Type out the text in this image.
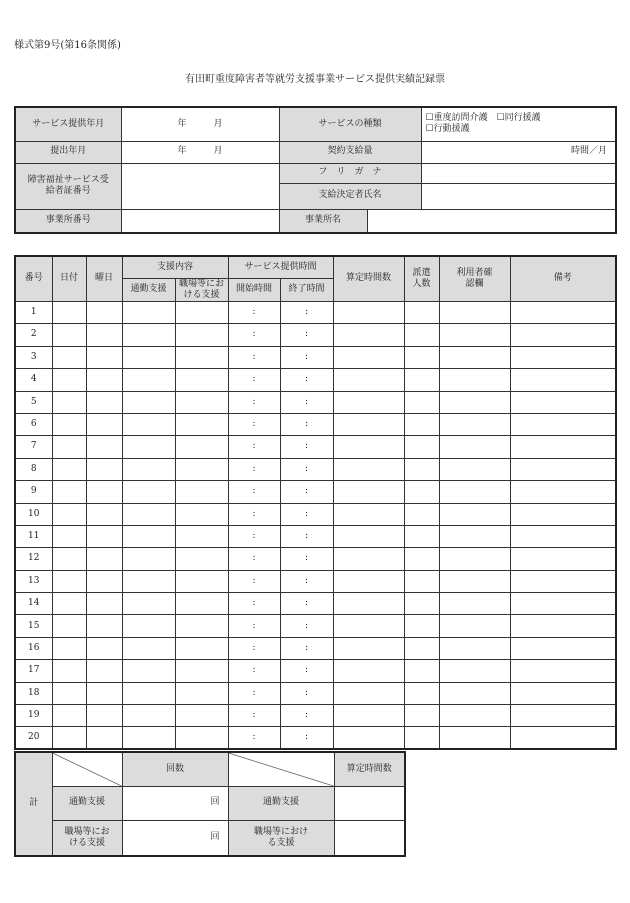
様式第9号(第16条関係)
有田町重度障害者等就労支援事業サービス提供実績記録票
サービス提供年月	年　　　月	サービスの種類		☐重度訪問介護　☐同行援護
☐行動援護

提出年月	年　　　月	契約支給量		時間／月
障害福祉サービス受給者証番号		フ　リ　ガ　ナ		
		支給決定者氏名		
事業所番号		事業所名		
番号	日付	曜日	支援内容		サービス提供時間		算定時間数	派遣人数	利用者確認欄	備考
			通勤支援	職場等における支援	開始時間	終了時間				
1					:	:				
2					:	:				
3					:	:				
4					:	:				
5					:	:				
6					:	:				
7					:	:				
8					:	:				
9					:	:				
10					:	:				
11					:	:				
12					:	:				
13					:	:				
14					:	:				
15					:	:				
16					:	:				
17					:	:				
18					:	:				
19					:	:				
20					:	:				
計		回数		算定時間数
	通勤支援	回	通勤支援	
	職場等における支援	回	職場等における支援	
